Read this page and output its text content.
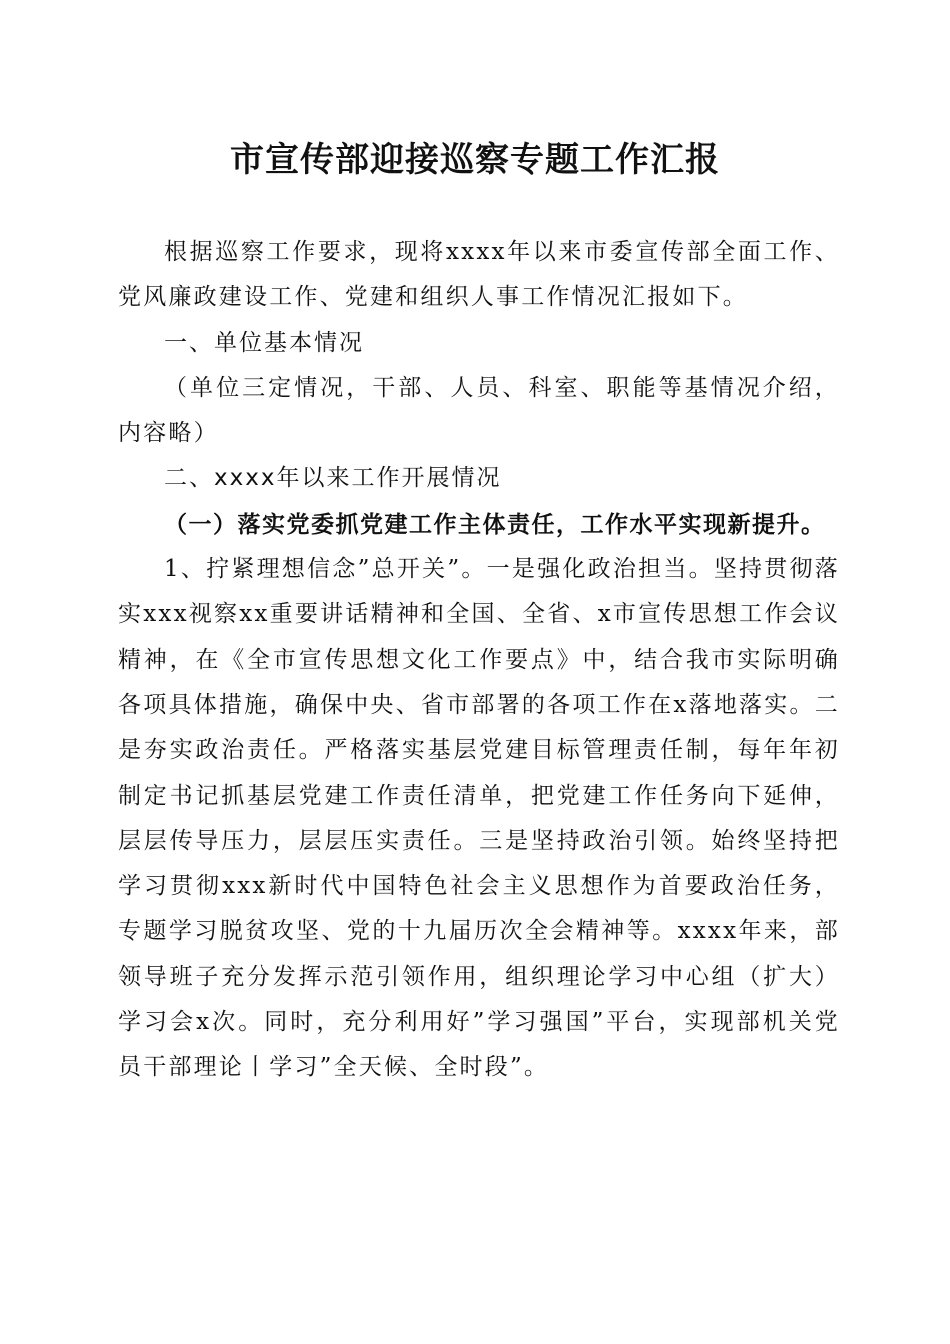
市宣传部迎接巡察专题工作汇报

根据巡察工作要求，现将xxxx年以来市委宣传部全面工作、党风廉政建设工作、党建和组织人事工作情况汇报如下。

一、单位基本情况

（单位三定情况，干部、人员、科室、职能等基情况介绍，内容略）

二、xxxx年以来工作开展情况

（一）落实党委抓党建工作主体责任，工作水平实现新提升。

1、拧紧理想信念”总开关”。一是强化政治担当。坚持贯彻落实xxx视察xx重要讲话精神和全国、全省、x市宣传思想工作会议精神，在《全市宣传思想文化工作要点》中，结合我市实际明确各项具体措施，确保中央、省市部署的各项工作在x落地落实。二是夯实政治责任。严格落实基层党建目标管理责任制，每年年初制定书记抓基层党建工作责任清单，把党建工作任务向下延伸，层层传导压力，层层压实责任。三是坚持政治引领。始终坚持把学习贯彻xxx新时代中国特色社会主义思想作为首要政治任务，专题学习脱贫攻坚、党的十九届历次全会精神等。xxxx年来，部领导班子充分发挥示范引领作用，组织理论学习中心组（扩大）学习会x次。同时，充分利用好”学习强国”平台，实现部机关党员干部理论丨学习”全天候、全时段”。
